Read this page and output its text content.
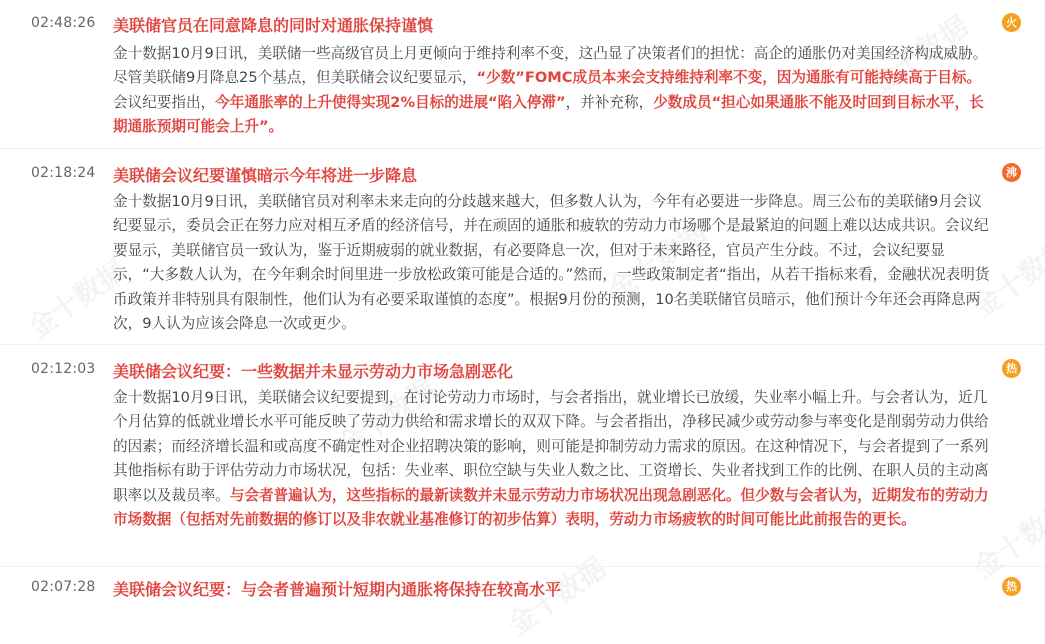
02:48:26 美联储官员在同意降息的同时对通胀保持谨慎	火
金十数据10月9日讯，美联储一些高级官员上月更倾向于维持利率不变，这凸显了决策者们的担忧：高企的通胀仍对美国经济构成威胁。尽管美联储9月降息25个基点，但美联储会议纪要显示，“少数”FOMC成员本来会支持维持利率不变，因为通胀有可能持续高于目标。会议纪要指出，今年通胀率的上升使得实现2%目标的进展“陷入停滞”，并补充称，少数成员“担心如果通胀不能及时回到目标水平，长期通胀预期可能会上升”。
02:18:24 美联储会议纪要谨慎暗示今年将进一步降息	沸
金十数据10月9日讯，美联储官员对利率未来走向的分歧越来越大，但多数人认为，今年有必要进一步降息。周三公布的美联储9月会议纪要显示，委员会正在努力应对相互矛盾的经济信号，并在顽固的通胀和疲软的劳动力市场哪个是最紧迫的问题上难以达成共识。会议纪要显示，美联储官员一致认为，鉴于近期疲弱的就业数据，有必要降息一次，但对于未来路径，官员产生分歧。不过，会议纪要显示，“大多数人认为，在今年剩余时间里进一步放松政策可能是合适的。”然而，一些政策制定者“指出，从若干指标来看，金融状况表明货币政策并非特别具有限制性，他们认为有必要采取谨慎的态度”。根据9月份的预测，10名美联储官员暗示，他们预计今年还会再降息两次，9人认为应该会降息一次或更少。
02:12:03 美联储会议纪要：一些数据并未显示劳动力市场急剧恶化	热
金十数据10月9日讯，美联储会议纪要提到，在讨论劳动力市场时，与会者指出，就业增长已放缓，失业率小幅上升。与会者认为，近几个月估算的低就业增长水平可能反映了劳动力供给和需求增长的双双下降。与会者指出，净移民减少或劳动参与率变化是削弱劳动力供给的因素；而经济增长温和或高度不确定性对企业招聘决策的影响，则可能是抑制劳动力需求的原因。在这种情况下，与会者提到了一系列其他指标有助于评估劳动力市场状况，包括：失业率、职位空缺与失业人数之比、工资增长、失业者找到工作的比例、在职人员的主动离职率以及裁员率。与会者普遍认为，这些指标的最新读数并未显示劳动力市场状况出现急剧恶化。但少数与会者认为，近期发布的劳动力市场数据（包括对先前数据的修订以及非农就业基准修订的初步估算）表明，劳动力市场疲软的时间可能比此前报告的更长。
02:07:28 美联储会议纪要：与会者普遍预计短期内通胀将保持在较高水平	热
